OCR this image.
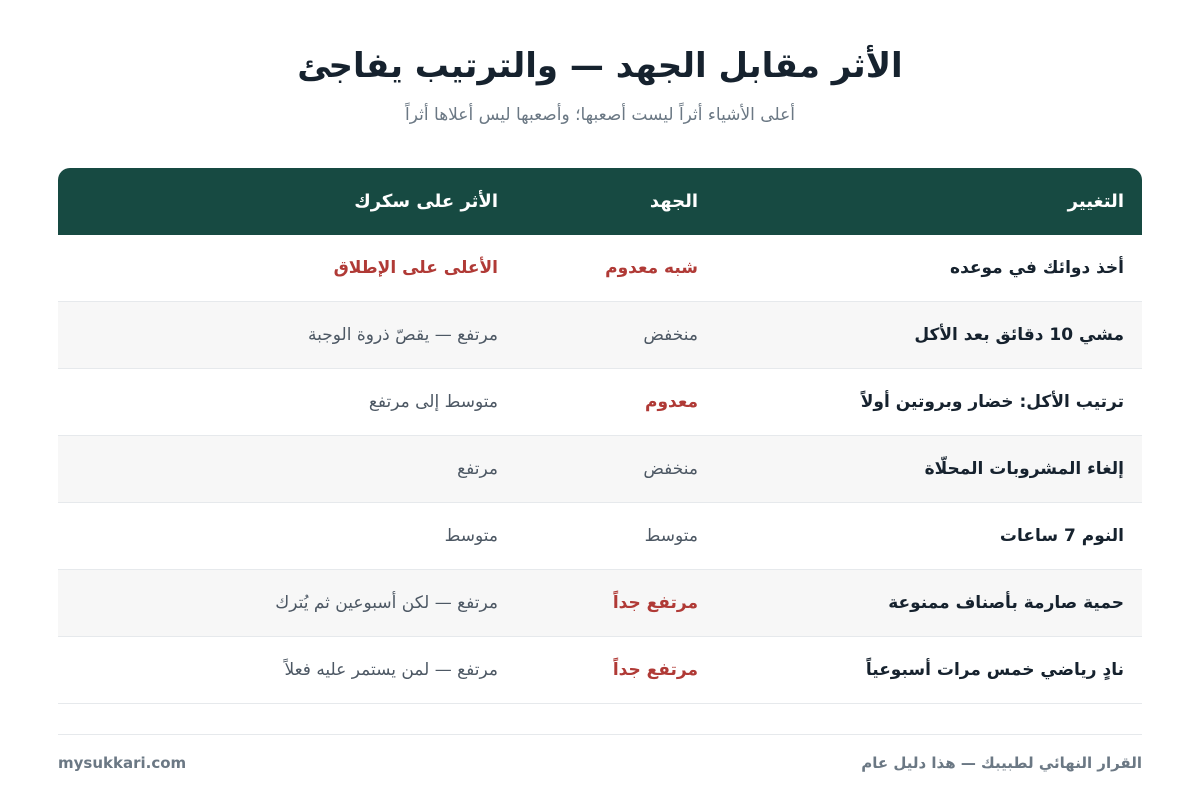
الأثر مقابل الجهد — والترتيب يفاجئ

أعلى الأشياء أثراً ليست أصعبها؛ وأصعبها ليس أعلاها أثراً

التغيير
الجهد
الأثر على سكرك
أخذ دوائك في موعده
شبه معدوم
الأعلى على الإطلاق
مشي 10 دقائق بعد الأكل
منخفض
مرتفع — يقصّ ذروة الوجبة
ترتيب الأكل: خضار وبروتين أولاً
معدوم
متوسط إلى مرتفع
إلغاء المشروبات المحلّاة
منخفض
مرتفع
النوم 7 ساعات
متوسط
متوسط
حمية صارمة بأصناف ممنوعة
مرتفع جداً
مرتفع — لكن أسبوعين ثم يُترك
نادٍ رياضي خمس مرات أسبوعياً
مرتفع جداً
مرتفع — لمن يستمر عليه فعلاً
القرار النهائي لطبيبك — هذا دليل عام
mysukkari.com
